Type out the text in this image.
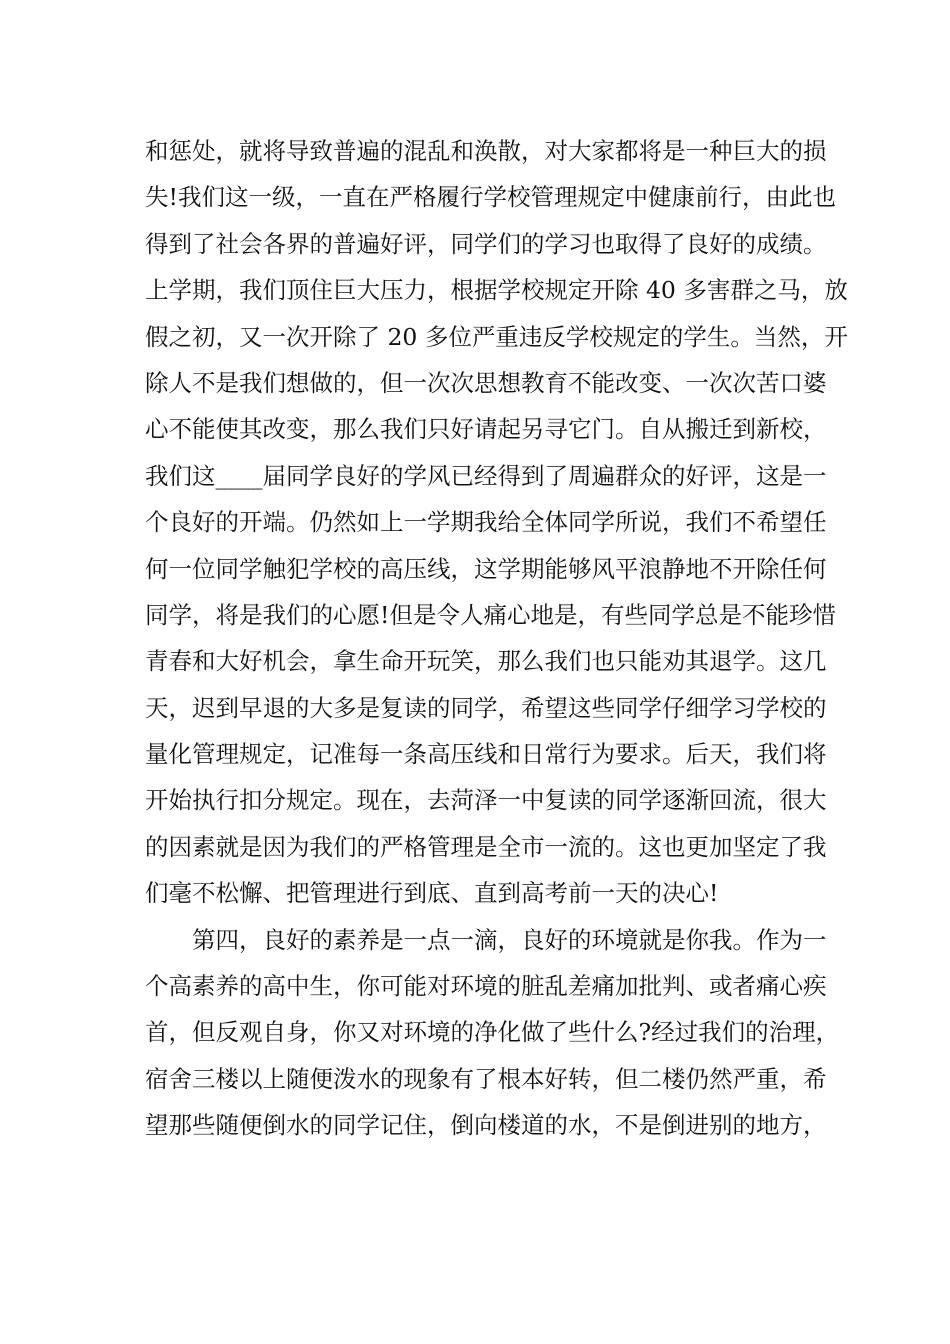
和惩处，就将导致普遍的混乱和涣散，对大家都将是一种巨大的损
失!我们这一级，一直在严格履行学校管理规定中健康前行，由此也
得到了社会各界的普遍好评，同学们的学习也取得了良好的成绩。
上学期，我们顶住巨大压力，根据学校规定开除 40 多害群之马，放
假之初，又一次开除了 20 多位严重违反学校规定的学生。当然，开
除人不是我们想做的，但一次次思想教育不能改变、一次次苦口婆
心不能使其改变，那么我们只好请起另寻它门。自从搬迁到新校，
我们这____届同学良好的学风已经得到了周遍群众的好评，这是一
个良好的开端。仍然如上一学期我给全体同学所说，我们不希望任
何一位同学触犯学校的高压线，这学期能够风平浪静地不开除任何
同学，将是我们的心愿!但是令人痛心地是，有些同学总是不能珍惜
青春和大好机会，拿生命开玩笑，那么我们也只能劝其退学。这几
天，迟到早退的大多是复读的同学，希望这些同学仔细学习学校的
量化管理规定，记准每一条高压线和日常行为要求。后天，我们将
开始执行扣分规定。现在，去菏泽一中复读的同学逐渐回流，很大
的因素就是因为我们的严格管理是全市一流的。这也更加坚定了我
们毫不松懈、把管理进行到底、直到高考前一天的决心!
第四，良好的素养是一点一滴，良好的环境就是你我。作为一
个高素养的高中生，你可能对环境的脏乱差痛加批判、或者痛心疾
首，但反观自身，你又对环境的净化做了些什么?经过我们的治理，
宿舍三楼以上随便泼水的现象有了根本好转，但二楼仍然严重，希
望那些随便倒水的同学记住，倒向楼道的水，不是倒进别的地方，
